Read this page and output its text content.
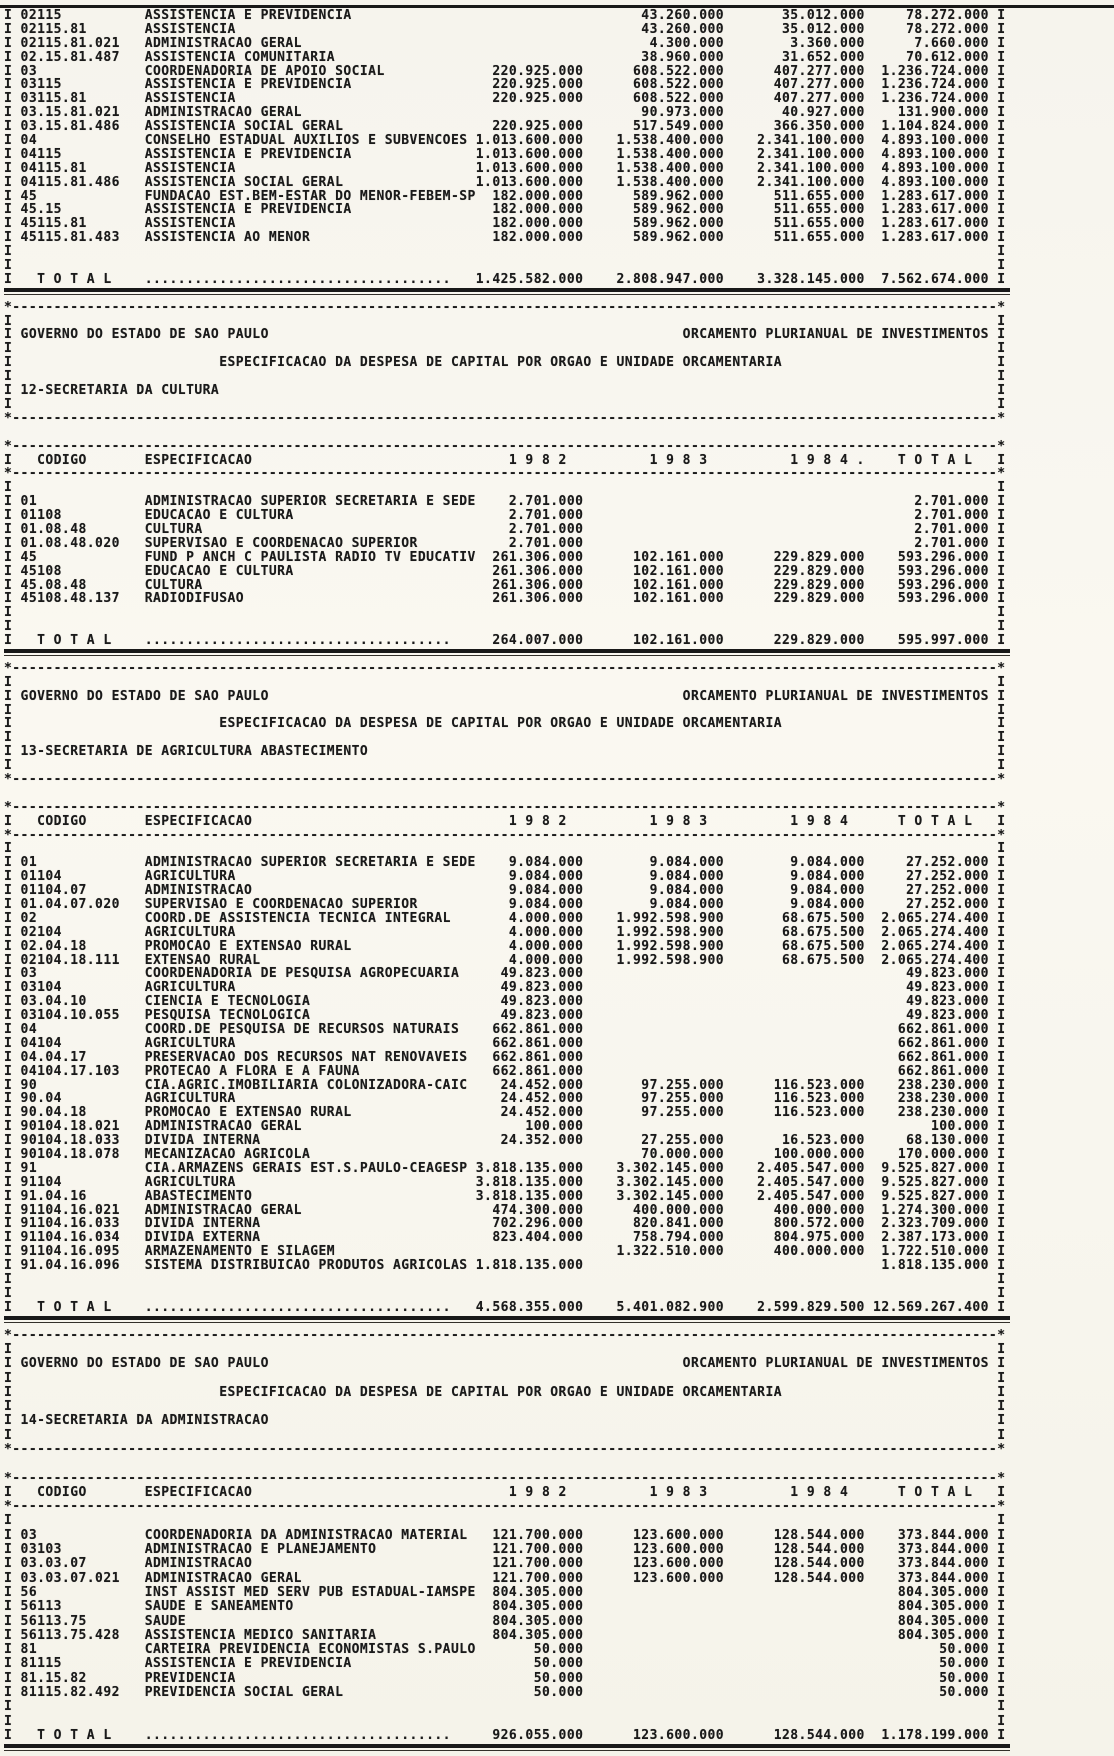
I 02115          ASSISTENCIA E PREVIDENCIA                                   43.260.000       35.012.000     78.272.000 I
I 02115.81       ASSISTENCIA                                                 43.260.000       35.012.000     78.272.000 I
I 02115.81.021   ADMINISTRACAO GERAL                                          4.300.000        3.360.000      7.660.000 I
I 02.15.81.487   ASSISTENCIA COMUNITARIA                                     38.960.000       31.652.000     70.612.000 I
I 03             COORDENADORIA DE APOIO SOCIAL             220.925.000      608.522.000      407.277.000  1.236.724.000 I
I 03115          ASSISTENCIA E PREVIDENCIA                 220.925.000      608.522.000      407.277.000  1.236.724.000 I
I 03115.81       ASSISTENCIA                               220.925.000      608.522.000      407.277.000  1.236.724.000 I
I 03.15.81.021   ADMINISTRACAO GERAL                                         90.973.000       40.927.000    131.900.000 I
I 03.15.81.486   ASSISTENCIA SOCIAL GERAL                  220.925.000      517.549.000      366.350.000  1.104.824.000 I
I 04             CONSELHO ESTADUAL AUXILIOS E SUBVENCOES 1.013.600.000    1.538.400.000    2.341.100.000  4.893.100.000 I
I 04115          ASSISTENCIA E PREVIDENCIA               1.013.600.000    1.538.400.000    2.341.100.000  4.893.100.000 I
I 04115.81       ASSISTENCIA                             1.013.600.000    1.538.400.000    2.341.100.000  4.893.100.000 I
I 04115.81.486   ASSISTENCIA SOCIAL GERAL                1.013.600.000    1.538.400.000    2.341.100.000  4.893.100.000 I
I 45             FUNDACAO EST.BEM-ESTAR DO MENOR-FEBEM-SP  182.000.000      589.962.000      511.655.000  1.283.617.000 I
I 45.15          ASSISTENCIA E PREVIDENCIA                 182.000.000      589.962.000      511.655.000  1.283.617.000 I
I 45115.81       ASSISTENCIA                               182.000.000      589.962.000      511.655.000  1.283.617.000 I
I 45115.81.483   ASSISTENCIA AO MENOR                      182.000.000      589.962.000      511.655.000  1.283.617.000 I
I                                                                                                                       I
I                                                                                                                       I
I   T O T A L    .....................................   1.425.582.000    2.808.947.000    3.328.145.000  7.562.674.000 I
*-----------------------------------------------------------------------------------------------------------------------*
I                                                                                                                       I
I GOVERNO DO ESTADO DE SAO PAULO                                                  ORCAMENTO PLURIANUAL DE INVESTIMENTOS I
I                                                                                                                       I
I                         ESPECIFICACAO DA DESPESA DE CAPITAL POR ORGAO E UNIDADE ORCAMENTARIA                          I
I                                                                                                                       I
I 12-SECRETARIA DA CULTURA                                                                                              I
I                                                                                                                       I
*-----------------------------------------------------------------------------------------------------------------------*
*-----------------------------------------------------------------------------------------------------------------------*
I   CODIGO       ESPECIFICACAO                               1 9 8 2          1 9 8 3          1 9 8 4 .    T O T A L   I
*-----------------------------------------------------------------------------------------------------------------------*
I                                                                                                                       I
I 01             ADMINISTRACAO SUPERIOR SECRETARIA E SEDE    2.701.000                                        2.701.000 I
I 01108          EDUCACAO E CULTURA                          2.701.000                                        2.701.000 I
I 01.08.48       CULTURA                                     2.701.000                                        2.701.000 I
I 01.08.48.020   SUPERVISAO E COORDENACAO SUPERIOR           2.701.000                                        2.701.000 I
I 45             FUND P ANCH C PAULISTA RADIO TV EDUCATIV  261.306.000      102.161.000      229.829.000    593.296.000 I
I 45108          EDUCACAO E CULTURA                        261.306.000      102.161.000      229.829.000    593.296.000 I
I 45.08.48       CULTURA                                   261.306.000      102.161.000      229.829.000    593.296.000 I
I 45108.48.137   RADIODIFUSAO                              261.306.000      102.161.000      229.829.000    593.296.000 I
I                                                                                                                       I
I                                                                                                                       I
I   T O T A L    .....................................     264.007.000      102.161.000      229.829.000    595.997.000 I
*-----------------------------------------------------------------------------------------------------------------------*
I                                                                                                                       I
I GOVERNO DO ESTADO DE SAO PAULO                                                  ORCAMENTO PLURIANUAL DE INVESTIMENTOS I
I                                                                                                                       I
I                         ESPECIFICACAO DA DESPESA DE CAPITAL POR ORGAO E UNIDADE ORCAMENTARIA                          I
I                                                                                                                       I
I 13-SECRETARIA DE AGRICULTURA ABASTECIMENTO                                                                            I
I                                                                                                                       I
*-----------------------------------------------------------------------------------------------------------------------*
*-----------------------------------------------------------------------------------------------------------------------*
I   CODIGO       ESPECIFICACAO                               1 9 8 2          1 9 8 3          1 9 8 4      T O T A L   I
*-----------------------------------------------------------------------------------------------------------------------*
I                                                                                                                       I
I 01             ADMINISTRACAO SUPERIOR SECRETARIA E SEDE    9.084.000        9.084.000        9.084.000     27.252.000 I
I 01104          AGRICULTURA                                 9.084.000        9.084.000        9.084.000     27.252.000 I
I 01104.07       ADMINISTRACAO                               9.084.000        9.084.000        9.084.000     27.252.000 I
I 01.04.07.020   SUPERVISAO E COORDENACAO SUPERIOR           9.084.000        9.084.000        9.084.000     27.252.000 I
I 02             COORD.DE ASSISTENCIA TECNICA INTEGRAL       4.000.000    1.992.598.900       68.675.500  2.065.274.400 I
I 02104          AGRICULTURA                                 4.000.000    1.992.598.900       68.675.500  2.065.274.400 I
I 02.04.18       PROMOCAO E EXTENSAO RURAL                   4.000.000    1.992.598.900       68.675.500  2.065.274.400 I
I 02104.18.111   EXTENSAO RURAL                              4.000.000    1.992.598.900       68.675.500  2.065.274.400 I
I 03             COORDENADORIA DE PESQUISA AGROPECUARIA     49.823.000                                       49.823.000 I
I 03104          AGRICULTURA                                49.823.000                                       49.823.000 I
I 03.04.10       CIENCIA E TECNOLOGIA                       49.823.000                                       49.823.000 I
I 03104.10.055   PESQUISA TECNOLOGICA                       49.823.000                                       49.823.000 I
I 04             COORD.DE PESQUISA DE RECURSOS NATURAIS    662.861.000                                      662.861.000 I
I 04104          AGRICULTURA                               662.861.000                                      662.861.000 I
I 04.04.17       PRESERVACAO DOS RECURSOS NAT RENOVAVEIS   662.861.000                                      662.861.000 I
I 04104.17.103   PROTECAO A FLORA E A FAUNA                662.861.000                                      662.861.000 I
I 90             CIA.AGRIC.IMOBILIARIA COLONIZADORA-CAIC    24.452.000       97.255.000      116.523.000    238.230.000 I
I 90.04          AGRICULTURA                                24.452.000       97.255.000      116.523.000    238.230.000 I
I 90.04.18       PROMOCAO E EXTENSAO RURAL                  24.452.000       97.255.000      116.523.000    238.230.000 I
I 90104.18.021   ADMINISTRACAO GERAL                           100.000                                          100.000 I
I 90104.18.033   DIVIDA INTERNA                             24.352.000       27.255.000       16.523.000     68.130.000 I
I 90104.18.078   MECANIZACAO AGRICOLA                                        70.000.000      100.000.000    170.000.000 I
I 91             CIA.ARMAZENS GERAIS EST.S.PAULO-CEAGESP 3.818.135.000    3.302.145.000    2.405.547.000  9.525.827.000 I
I 91104          AGRICULTURA                             3.818.135.000    3.302.145.000    2.405.547.000  9.525.827.000 I
I 91.04.16       ABASTECIMENTO                           3.818.135.000    3.302.145.000    2.405.547.000  9.525.827.000 I
I 91104.16.021   ADMINISTRACAO GERAL                       474.300.000      400.000.000      400.000.000  1.274.300.000 I
I 91104.16.033   DIVIDA INTERNA                            702.296.000      820.841.000      800.572.000  2.323.709.000 I
I 91104.16.034   DIVIDA EXTERNA                            823.404.000      758.794.000      804.975.000  2.387.173.000 I
I 91104.16.095   ARMAZENAMENTO E SILAGEM                                  1.322.510.000      400.000.000  1.722.510.000 I
I 91.04.16.096   SISTEMA DISTRIBUICAO PRODUTOS AGRICOLAS 1.818.135.000                                    1.818.135.000 I
I                                                                                                                       I
I                                                                                                                       I
I   T O T A L    .....................................   4.568.355.000    5.401.082.900    2.599.829.500 12.569.267.400 I
*-----------------------------------------------------------------------------------------------------------------------*
I                                                                                                                       I
I GOVERNO DO ESTADO DE SAO PAULO                                                  ORCAMENTO PLURIANUAL DE INVESTIMENTOS I
I                                                                                                                       I
I                         ESPECIFICACAO DA DESPESA DE CAPITAL POR ORGAO E UNIDADE ORCAMENTARIA                          I
I                                                                                                                       I
I 14-SECRETARIA DA ADMINISTRACAO                                                                                        I
I                                                                                                                       I
*-----------------------------------------------------------------------------------------------------------------------*
*-----------------------------------------------------------------------------------------------------------------------*
I   CODIGO       ESPECIFICACAO                               1 9 8 2          1 9 8 3          1 9 8 4      T O T A L   I
*-----------------------------------------------------------------------------------------------------------------------*
I                                                                                                                       I
I 03             COORDENADORIA DA ADMINISTRACAO MATERIAL   121.700.000      123.600.000      128.544.000    373.844.000 I
I 03103          ADMINISTRACAO E PLANEJAMENTO              121.700.000      123.600.000      128.544.000    373.844.000 I
I 03.03.07       ADMINISTRACAO                             121.700.000      123.600.000      128.544.000    373.844.000 I
I 03.03.07.021   ADMINISTRACAO GERAL                       121.700.000      123.600.000      128.544.000    373.844.000 I
I 56             INST ASSIST MED SERV PUB ESTADUAL-IAMSPE  804.305.000                                      804.305.000 I
I 56113          SAUDE E SANEAMENTO                        804.305.000                                      804.305.000 I
I 56113.75       SAUDE                                     804.305.000                                      804.305.000 I
I 56113.75.428   ASSISTENCIA MEDICO SANITARIA              804.305.000                                      804.305.000 I
I 81             CARTEIRA PREVIDENCIA ECONOMISTAS S.PAULO       50.000                                           50.000 I
I 81115          ASSISTENCIA E PREVIDENCIA                      50.000                                           50.000 I
I 81.15.82       PREVIDENCIA                                    50.000                                           50.000 I
I 81115.82.492   PREVIDENCIA SOCIAL GERAL                       50.000                                           50.000 I
I                                                                                                                       I
I                                                                                                                       I
I   T O T A L    .....................................     926.055.000      123.600.000      128.544.000  1.178.199.000 I
